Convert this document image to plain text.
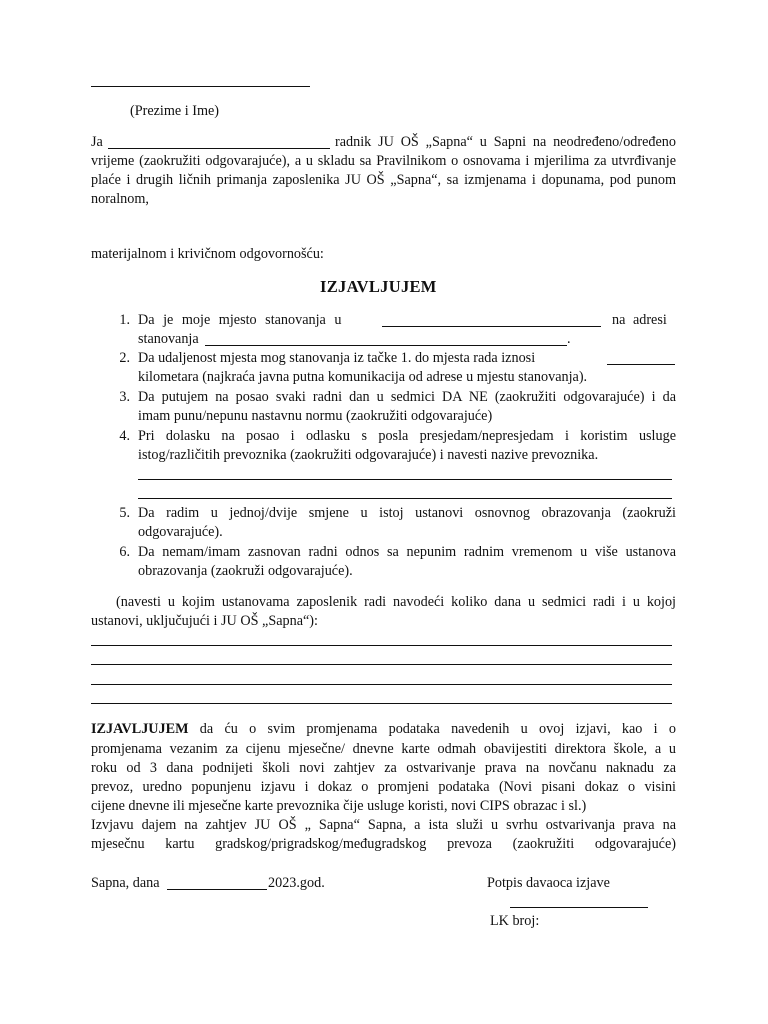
(Prezime i Ime)
Ja	radnik JU OŠ „Sapna“ u Sapni na neodređeno/određeno
vrijeme (zaokružiti odgovarajuće), a u skladu sa Pravilnikom o osnovama i mjerilima za utvrđivanje
plaće i drugih ličnih primanja zaposlenika JU OŠ „Sapna“, sa izmjenama i dopunama, pod punom
noralnom,
materijalnom i krivičnom odgovornošću:
IZJAVLJUJEM
1. Da je moje mjesto stanovanja u	na adresi
stanovanja	.
2. Da udaljenost mjesta mog stanovanja iz tačke 1. do mjesta rada iznosi
kilometara (najkraća javna putna komunikacija od adrese u mjestu stanovanja).
3. Da putujem na posao svaki radni dan u sedmici DA NE (zaokružiti odgovarajuće) i da
imam punu/nepunu nastavnu normu (zaokružiti odgovarajuće)
4. Pri dolasku na posao i odlasku s posla presjedam/nepresjedam i koristim usluge
istog/različitih prevoznika (zaokružiti odgovarajuće) i navesti nazive prevoznika.
5. Da radim u jednoj/dvije smjene u istoj ustanovi osnovnog obrazovanja (zaokruži
odgovarajuće).
6. Da nemam/imam zasnovan radni odnos sa nepunim radnim vremenom u više ustanova
obrazovanja (zaokruži odgovarajuće).
(navesti u kojim ustanovama zaposlenik radi navodeći koliko dana u sedmici radi i u kojoj
ustanovi, uključujući i JU OŠ „Sapna“):
IZJAVLJUJEM da ću o svim promjenama podataka navedenih u ovoj izjavi, kao i o
promjenama vezanim za cijenu mjesečne/ dnevne karte odmah obavijestiti direktora škole, a u
roku od 3 dana podnijeti školi novi zahtjev za ostvarivanje prava na novčanu naknadu za
prevoz, uredno popunjenu izjavu i dokaz o promjeni podataka (Novi pisani dokaz o visini
cijene dnevne ili mjesečne karte prevoznika čije usluge koristi, novi CIPS obrazac i sl.)
Izvjavu dajem na zahtjev JU OŠ „ Sapna“ Sapna, a ista služi u svrhu ostvarivanja prava na
mjesečnu kartu gradskog/prigradskog/međugradskog prevoza (zaokružiti odgovarajuće)
Sapna, dana	2023.god.	Potpis davaoca izjave
LK broj:
